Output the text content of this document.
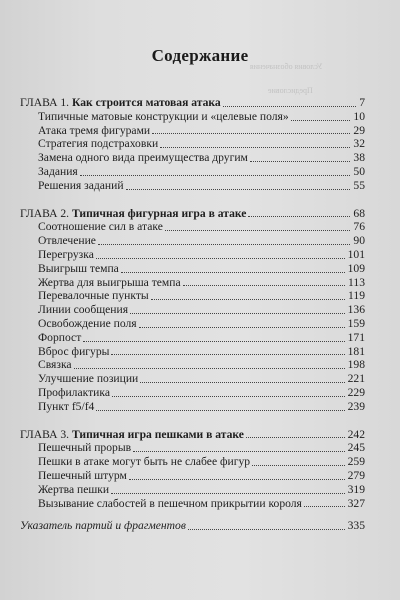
Условия обозначения
Предисловие
Содержание
ГЛАВА 1. Как строится матовая атака	7
Типичные матовые конструкции и «целевые поля»	10
Атака тремя фигурами	29
Стратегия подстраховки	32
Замена одного вида преимущества другим	38
Задания	50
Решения заданий	55
ГЛАВА 2. Типичная фигурная игра в атаке	68
Соотношение сил в атаке	76
Отвлечение	90
Перегрузка	101
Выигрыш темпа	109
Жертва для выигрыша темпа	113
Перевалочные пункты	119
Линии сообщения	136
Освобождение поля	159
Форпост	171
Вброс фигуры	181
Связка	198
Улучшение позиции	221
Профилактика	229
Пункт f5/f4	239
ГЛАВА 3. Типичная игра пешками в атаке	242
Пешечный прорыв	245
Пешки в атаке могут быть не слабее фигур	259
Пешечный штурм	279
Жертва пешки	319
Вызывание слабостей в пешечном прикрытии короля	327
Указатель партий и фрагментов	335
